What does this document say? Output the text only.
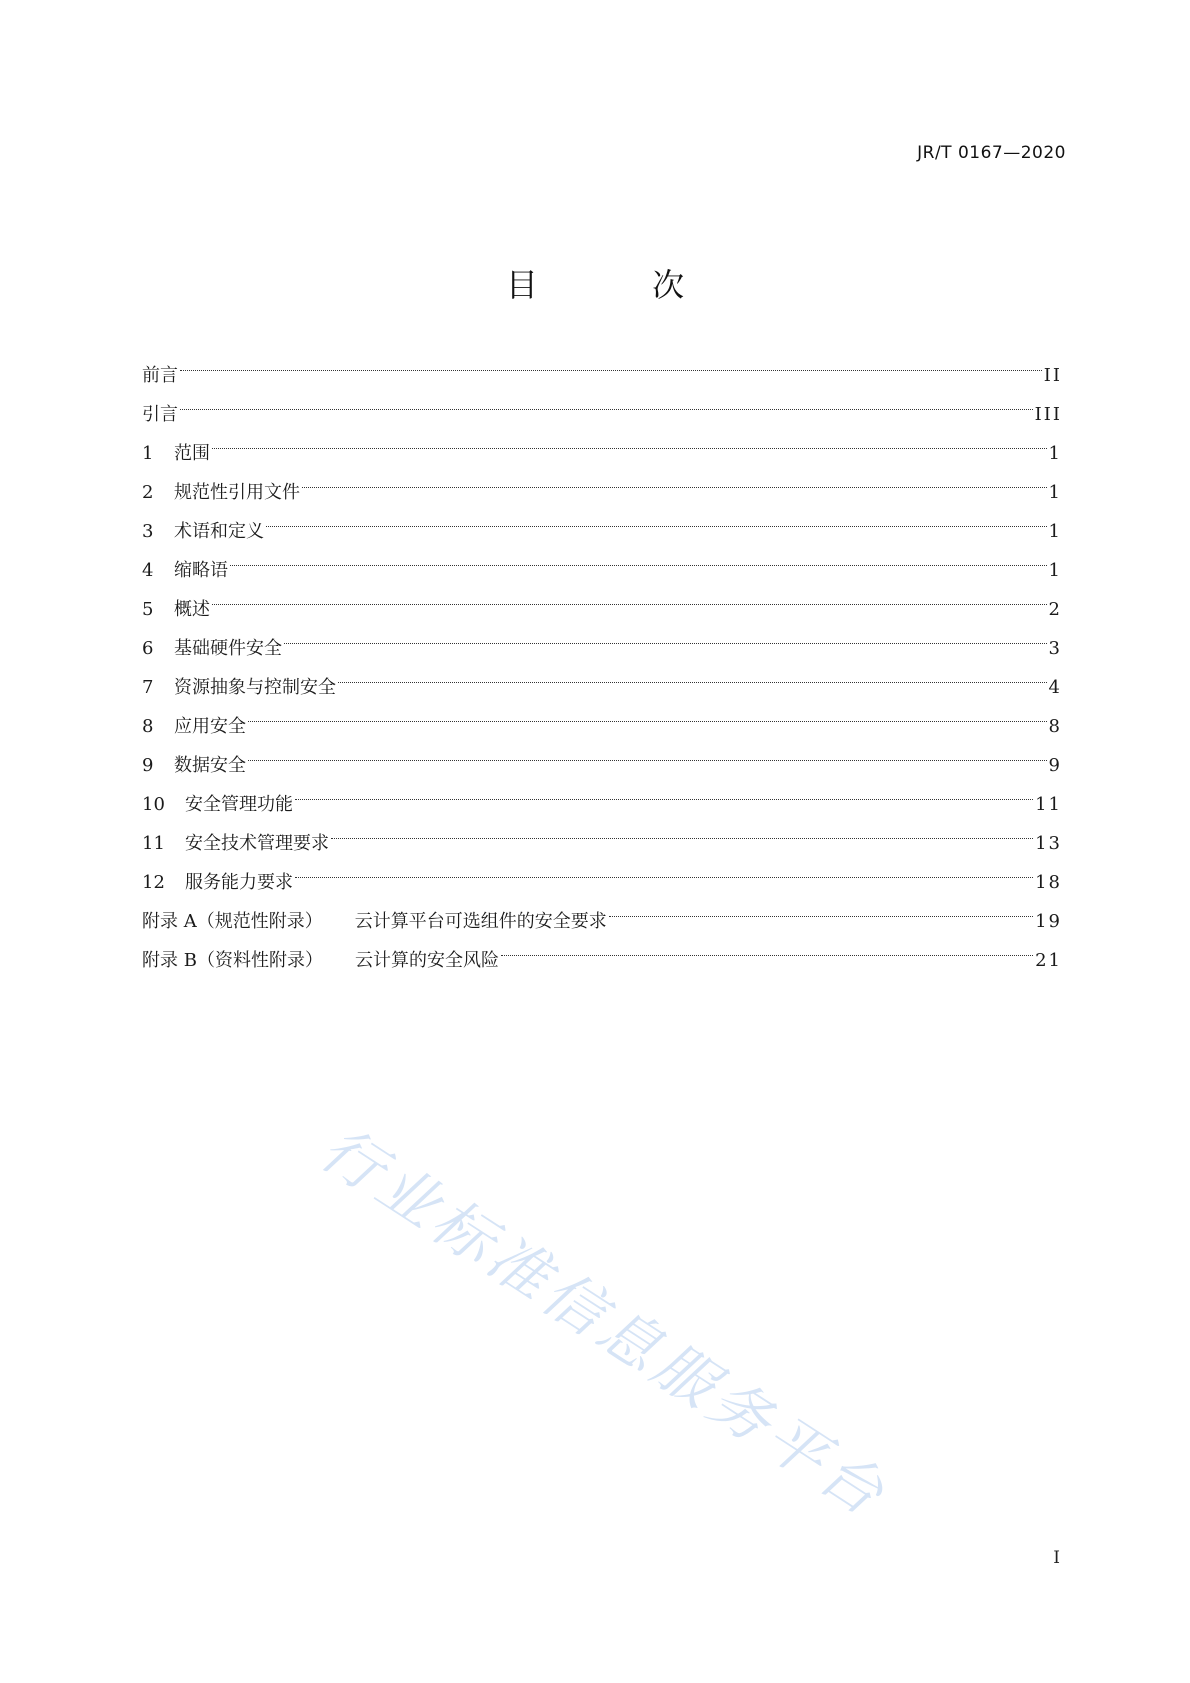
JR/T 0167—2020
目 次
前言	II
引言	III
1	范围	1
2	规范性引用文件	1
3	术语和定义	1
4	缩略语	1
5	概述	2
6	基础硬件安全	3
7	资源抽象与控制安全	4
8	应用安全	8
9	数据安全	9
10	安全管理功能	11
11	安全技术管理要求	13
12	服务能力要求	18
附录 A（规范性附录） 云计算平台可选组件的安全要求	19
附录 B（资料性附录） 云计算的安全风险	21
行业标准信息服务平台
I
